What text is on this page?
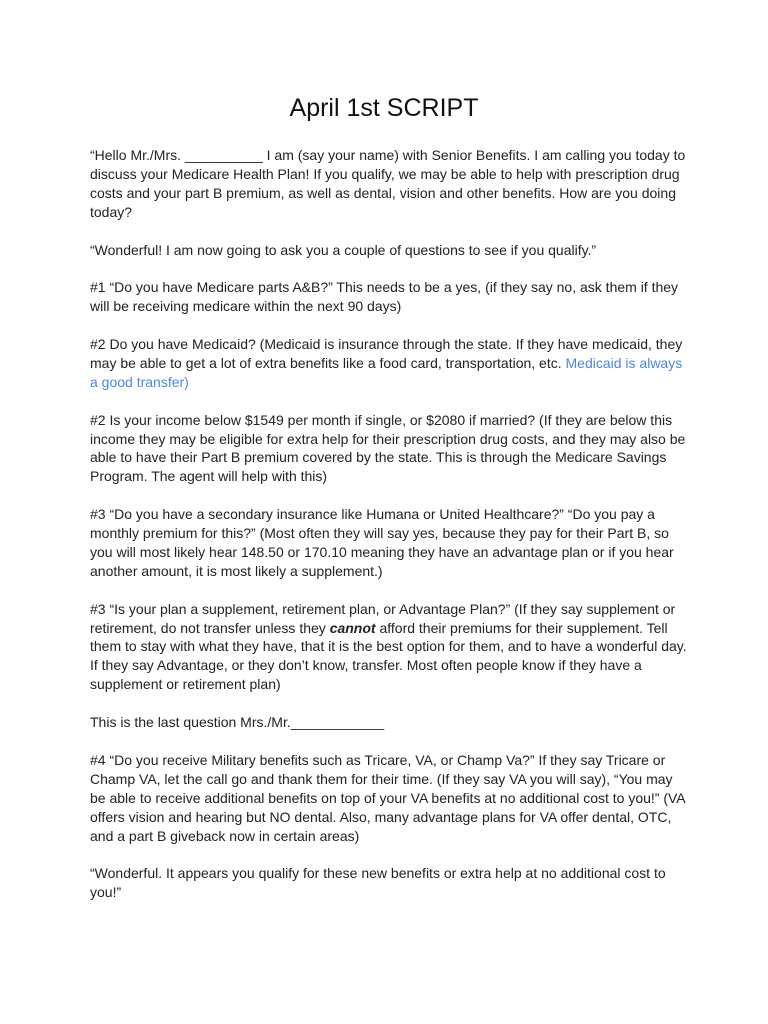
April 1st SCRIPT

“Hello Mr./Mrs. __________ I am (say your name) with Senior Benefits. I am calling you today to discuss your Medicare Health Plan! If you qualify, we may be able to help with prescription drug costs and your part B premium, as well as dental, vision and other benefits. How are you doing today?

“Wonderful! I am now going to ask you a couple of questions to see if you qualify.”

#1 “Do you have Medicare parts A&B?” This needs to be a yes, (if they say no, ask them if they will be receiving medicare within the next 90 days)

#2 Do you have Medicaid? (Medicaid is insurance through the state. If they have medicaid, they may be able to get a lot of extra benefits like a food card, transportation, etc. Medicaid is always a good transfer)

#2 Is your income below $1549 per month if single, or $2080 if married? (If they are below this income they may be eligible for extra help for their prescription drug costs, and they may also be able to have their Part B premium covered by the state. This is through the Medicare Savings Program. The agent will help with this)

#3 “Do you have a secondary insurance like Humana or United Healthcare?” “Do you pay a monthly premium for this?” (Most often they will say yes, because they pay for their Part B, so you will most likely hear 148.50 or 170.10 meaning they have an advantage plan or if you hear another amount, it is most likely a supplement.)

#3 “Is your plan a supplement, retirement plan, or Advantage Plan?” (If they say supplement or retirement, do not transfer unless they cannot afford their premiums for their supplement. Tell them to stay with what they have, that it is the best option for them, and to have a wonderful day. If they say Advantage, or they don’t know, transfer. Most often people know if they have a supplement or retirement plan)

This is the last question Mrs./Mr.____________

#4 “Do you receive Military benefits such as Tricare, VA, or Champ Va?” If they say Tricare or Champ VA, let the call go and thank them for their time. (If they say VA you will say), “You may be able to receive additional benefits on top of your VA benefits at no additional cost to you!” (VA offers vision and hearing but NO dental. Also, many advantage plans for VA offer dental, OTC, and a part B giveback now in certain areas)

“Wonderful. It appears you qualify for these new benefits or extra help at no additional cost to you!”
